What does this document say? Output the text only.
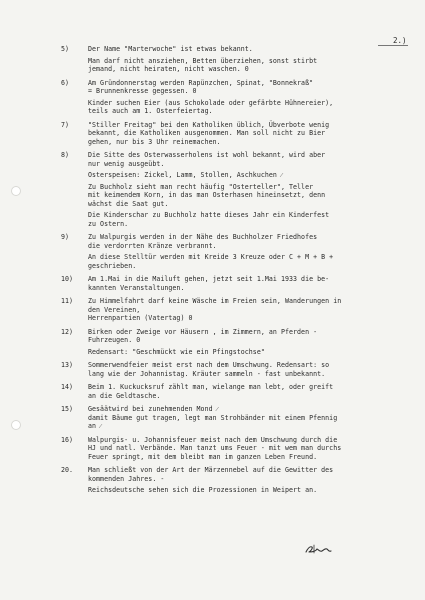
2.)
5)	Der Name "Marterwoche" ist etwas bekannt.
Man darf nicht ansziehen, Betten überziehen, sonst stirbt
jemand, nicht heiraten, nicht waschen. 0
6)	Am Gründonnerstag werden Rapünzchen, Spinat, "Bonnekraß"
= Brunnenkresse gegessen. 0
Kinder suchen Eier (aus Schokolade oder gefärbte Hühnereier),
teils auch am 1. Osterfeiertag.
7)	"Stiller Freitag" bei den Katholiken üblich, Übverbote wenig
bekannt, die Katholiken ausgenommen. Man soll nicht zu Bier
gehen, nur bis 3 Uhr reinemachen.
8)	Die Sitte des Osterwasserholens ist wohl bekannt, wird aber
nur wenig ausgeübt.
Osterspeisen: Zickel, Lamm, Stollen, Aschkuchen ⁄
Zu Buchholz sieht man recht häufig "Osterteller", Teller
mit keimendem Korn, in das man Osterhasen hineinsetzt, denn
wächst die Saat gut.
Die Kinderschar zu Buchholz hatte dieses Jahr ein Kinderfest
zu Ostern.
9)	Zu Walpurgis werden in der Nähe des Buchholzer Friedhofes
die verdorrten Kränze verbrannt.
An diese Stelltür werden mit Kreide 3 Kreuze oder C + M + B +
geschrieben.
10) Am 1.Mai in die Mailuft gehen, jetzt seit 1.Mai 1933 die be-
kannten Veranstaltungen.
11) Zu Himmelfahrt darf keine Wäsche im Freien sein, Wanderungen in
den Vereinen,
Herrenpartien (Vatertag) 0
12) Birken oder Zweige vor Häusern , im Zimmern, an Pferden -
Fuhrzeugen. 0
Redensart: "Geschmückt wie ein Pfingstochse"
13) Sommerwendfeier meist erst nach dem Umschwung. Redensart: so
lang wie der Johannistag. Kräuter sammeln - fast unbekannt.
14) Beim 1. Kuckucksruf zählt man, wielange man lebt, oder greift
an die Geldtasche.
15) Gesäätwird bei zunehmenden Mond ⁄
damit Bäume gut tragen, legt man Strohbänder mit einem Pfennig
an ⁄
16) Walpurgis- u. Johannisfeuer meist nach dem Umschwung durch die
HJ und natl. Verbände. Man tanzt ums Feuer - mit wem man durchs
Feuer springt, mit dem bleibt man im ganzen Leben Freund.
20. Man schließt von der Art der Märzennebel auf die Gewitter des
kommenden Jahres. -
Reichsdeutsche sehen sich die Prozessionen in Weipert an.
